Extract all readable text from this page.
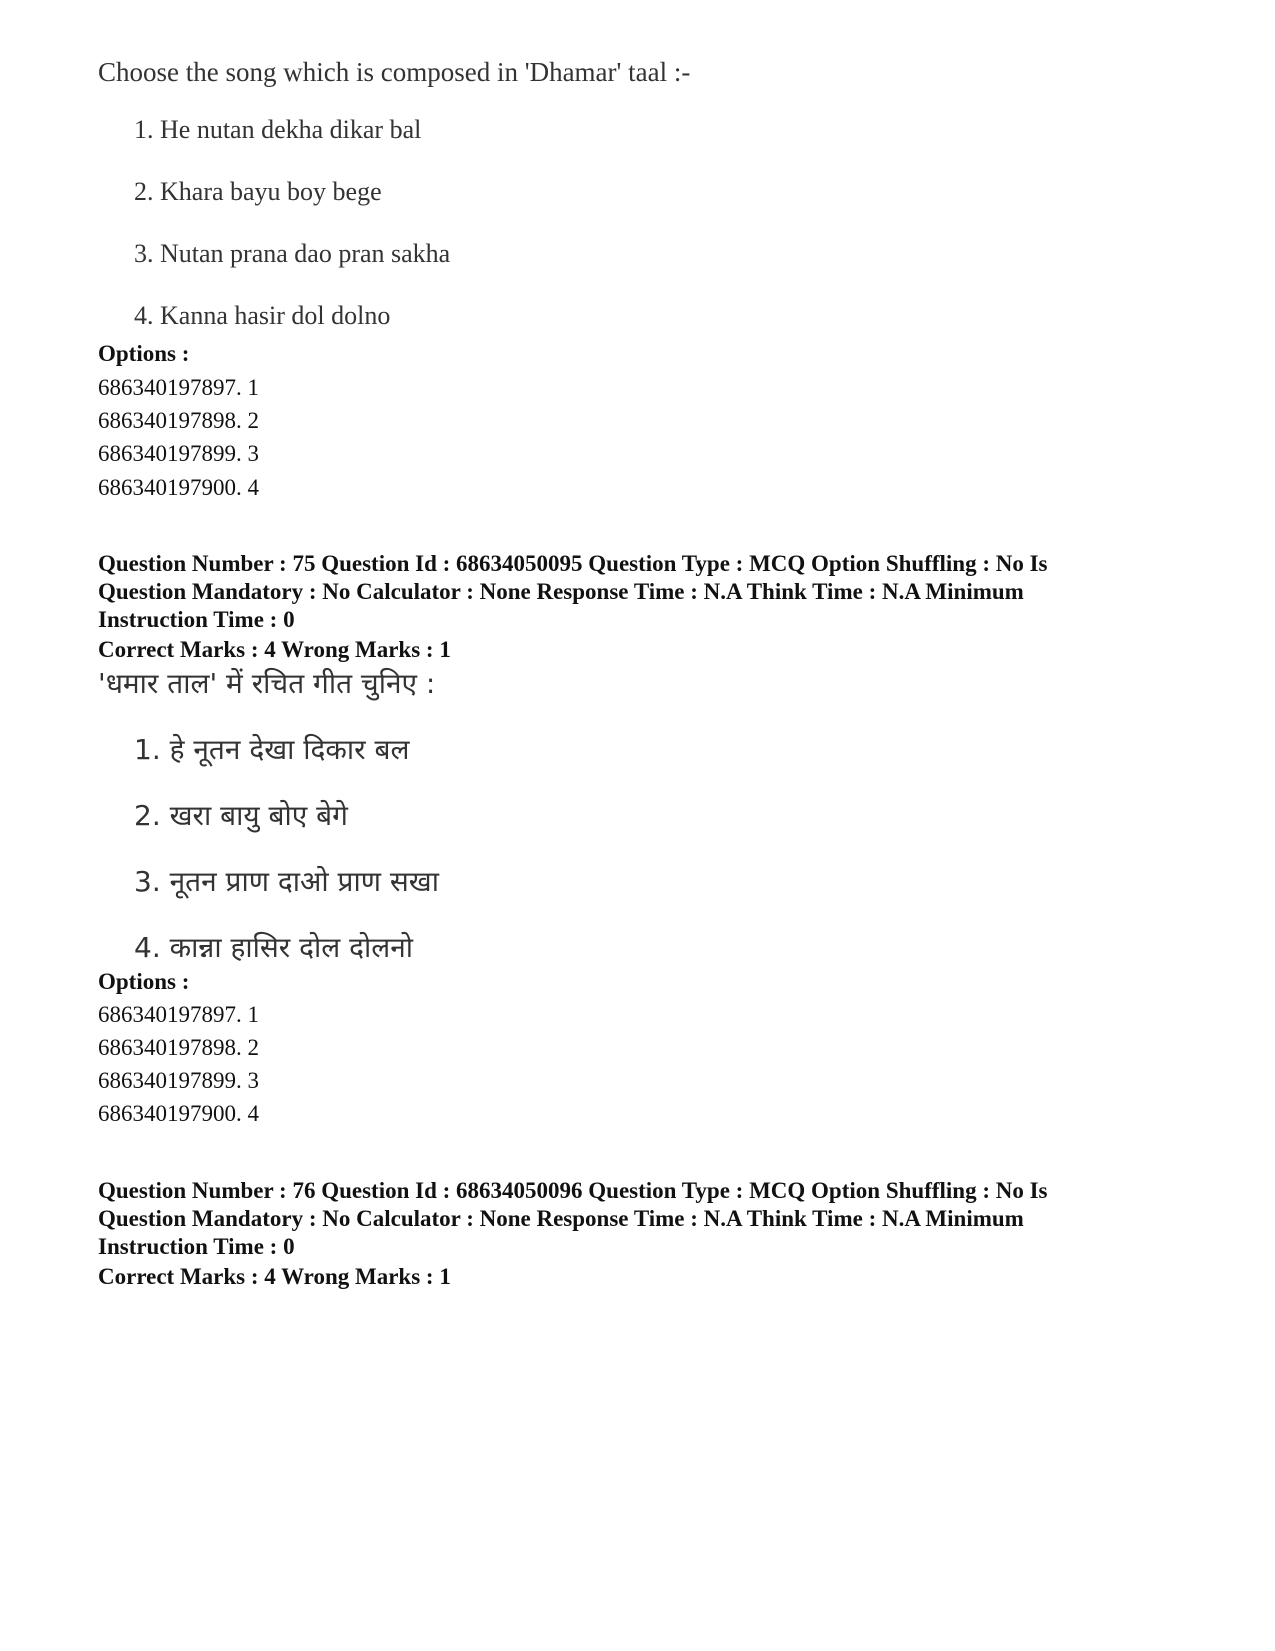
Choose the song which is composed in 'Dhamar' taal :-

1. He nutan dekha dikar bal

2. Khara bayu boy bege

3. Nutan prana dao pran sakha

4. Kanna hasir dol dolno

Options :
686340197897. 1
686340197898. 2
686340197899. 3
686340197900. 4
Question Number : 75 Question Id : 68634050095 Question Type : MCQ Option Shuffling : No Is
Question Mandatory : No Calculator : None Response Time : N.A Think Time : N.A Minimum
Instruction Time : 0
Correct Marks : 4 Wrong Marks : 1
'धमार ताल' में रचित गीत चुनिए :
1. हे नूतन देखा दिकार बल
2. खरा बायु बोए बेगे
3. नूतन प्राण दाओ प्राण सखा
4. कान्ना हासिर दोल दोलनो
Options :
686340197897. 1
686340197898. 2
686340197899. 3
686340197900. 4
Question Number : 76 Question Id : 68634050096 Question Type : MCQ Option Shuffling : No Is
Question Mandatory : No Calculator : None Response Time : N.A Think Time : N.A Minimum
Instruction Time : 0
Correct Marks : 4 Wrong Marks : 1
